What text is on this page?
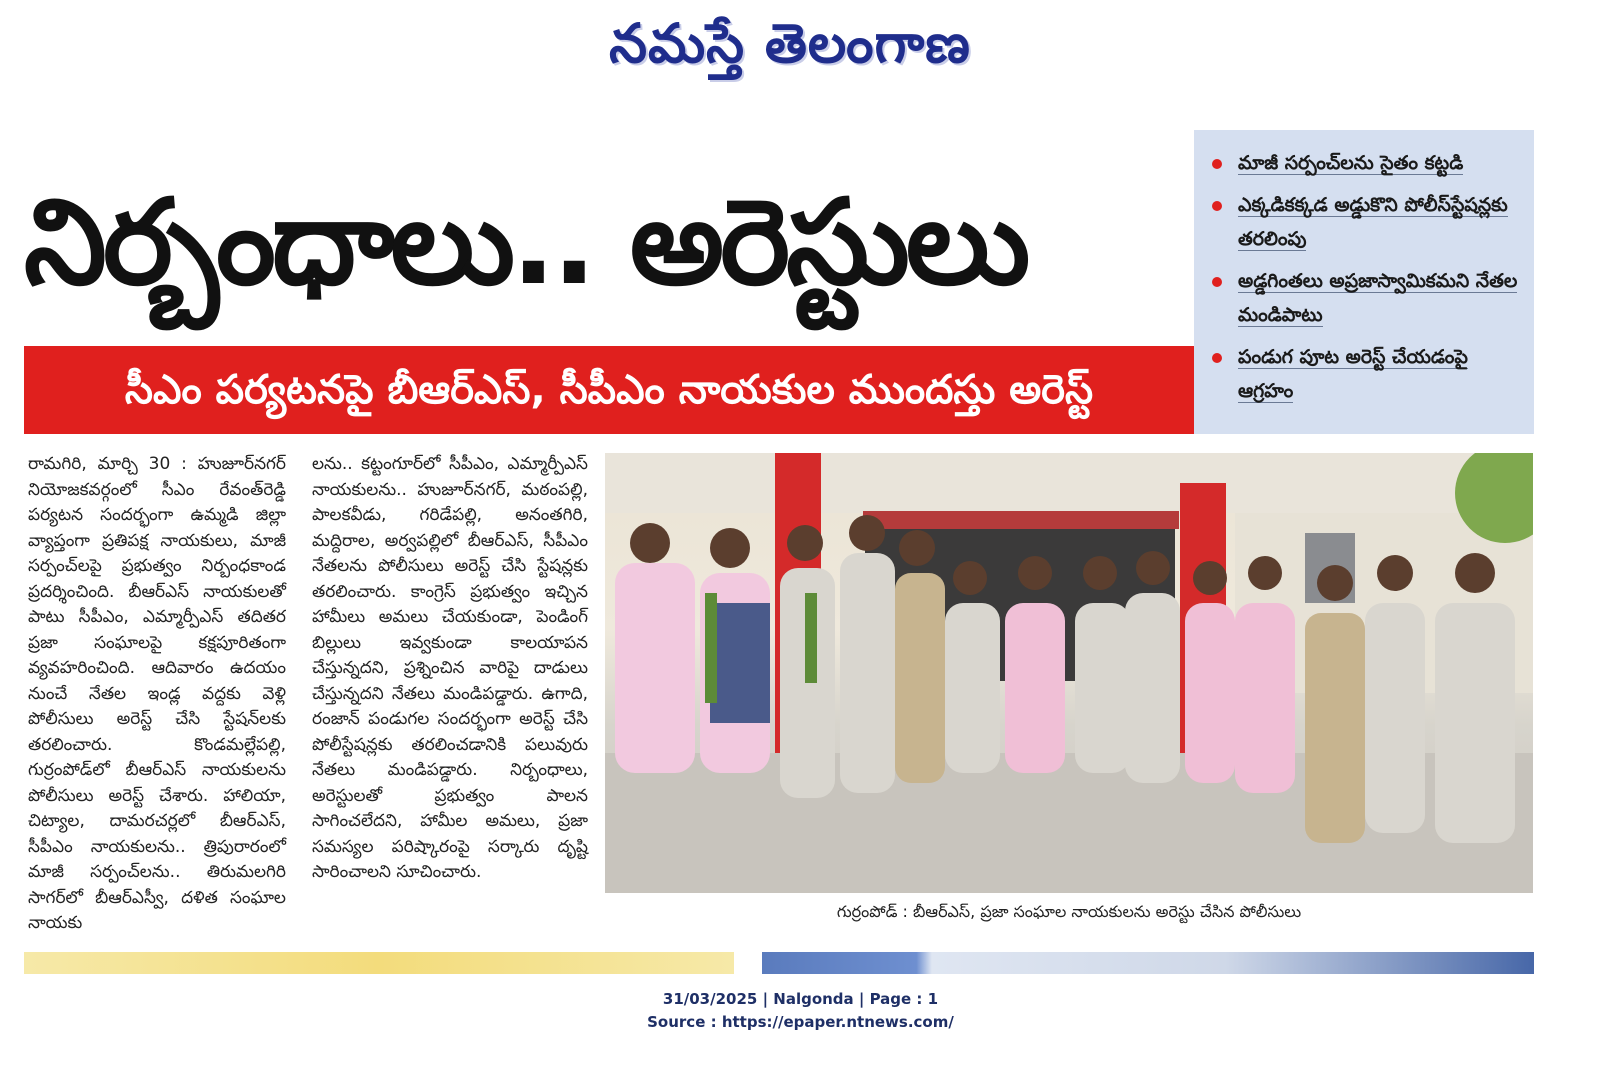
నమస్తే తెలంగాణ
నిర్బంధాలు.. అరెస్టులు
సీఎం పర్యటనపై బీఆర్ఎస్, సీపీఎం నాయకుల ముందస్తు అరెస్ట్
మాజీ సర్పంచ్‌లను సైతం కట్టడి
ఎక్కడికక్కడ అడ్డుకొని పోలీస్‌స్టేషన్లకు తరలింపు
అడ్డగింతలు అప్రజాస్వామికమని నేతల మండిపాటు
పండుగ పూట అరెస్ట్ చేయడంపై ఆగ్రహం

రామగిరి, మార్చి 30 : హుజూర్‌నగర్ నియోజకవర్గంలో సీఎం రేవంత్‌రెడ్డి పర్యటన సందర్భంగా ఉమ్మడి జిల్లా వ్యాప్తంగా ప్రతిపక్ష నాయకులు, మాజీ సర్పంచ్‌లపై ప్రభుత్వం నిర్బంధకాండ ప్రదర్శించింది. బీఆర్ఎస్ నాయకులతో పాటు సీపీఎం, ఎమ్మార్పీఎస్ తదితర ప్రజా సంఘాలపై కక్షపూరితంగా వ్యవహరించింది. ఆదివారం ఉదయం నుంచే నేతల ఇండ్ల వద్దకు వెళ్లి పోలీసులు అరెస్ట్ చేసి స్టేషన్‌లకు తరలించారు. కొండమల్లేపల్లి, గుర్రంపోడ్‌లో బీఆర్ఎస్ నాయకులను పోలీసులు అరెస్ట్ చేశారు. హాలియా, చిట్యాల, దామరచర్లలో బీఆర్ఎస్, సీపీఎం నాయకులను.. త్రిపురారంలో మాజీ సర్పంచ్‌లను.. తిరుమలగిరి సాగర్‌లో బీఆర్ఎస్వీ, దళిత సంఘాల నాయకు

లను.. కట్టంగూర్‌లో సీపీఎం, ఎమ్మార్పీఎస్ నాయకులను.. హుజూర్‌నగర్, మఠంపల్లి, పాలకవీడు, గరిడేపల్లి, అనంతగిరి, మద్దిరాల, అర్వపల్లిలో బీఆర్ఎస్, సీపీఎం నేతలను పోలీసులు అరెస్ట్ చేసి స్టేషన్లకు తరలించారు. కాంగ్రెస్ ప్రభుత్వం ఇచ్చిన హామీలు అమలు చేయకుండా, పెండింగ్ బిల్లులు ఇవ్వకుండా కాలయాపన చేస్తున్నదని, ప్రశ్నించిన వారిపై దాడులు చేస్తున్నదని నేతలు మండిపడ్డారు. ఉగాది, రంజాన్ పండుగల సందర్భంగా అరెస్ట్ చేసి పోలీస్టేషన్లకు తరలించడానికి పలువురు నేతలు మండిపడ్డారు. నిర్బంధాలు, అరెస్టులతో ప్రభుత్వం పాలన సాగించలేదని, హామీల అమలు, ప్రజా సమస్యల పరిష్కారంపై సర్కారు దృష్టి సారించాలని సూచించారు.

గుర్రంపోడ్ : బీఆర్ఎస్, ప్రజా సంఘాల నాయకులను అరెస్టు చేసిన పోలీసులు
31/03/2025 | Nalgonda | Page : 1
Source : https://epaper.ntnews.com/
